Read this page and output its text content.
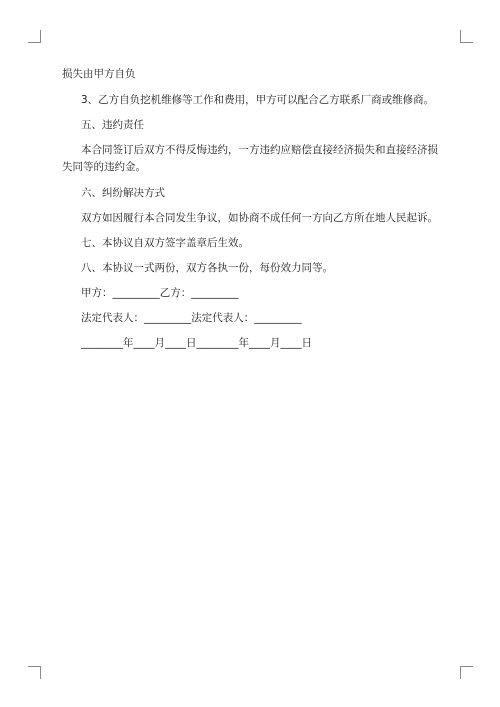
损失由甲方自负

3、乙方自负挖机维修等工作和费用，甲方可以配合乙方联系厂商或维修商。

五、违约责任

本合同签订后双方不得反悔违约，一方违约应赔偿直接经济损失和直接经济损失同等的违约金。

六、纠纷解决方式

双方如因履行本合同发生争议，如协商不成任何一方向乙方所在地人民起诉。

七、本协议自双方签字盖章后生效。

八、本协议一式两份，双方各执一份，每份效力同等。

甲方：_________乙方：_________

法定代表人：_________法定代表人：_________

________年____月____日________年____月____日
